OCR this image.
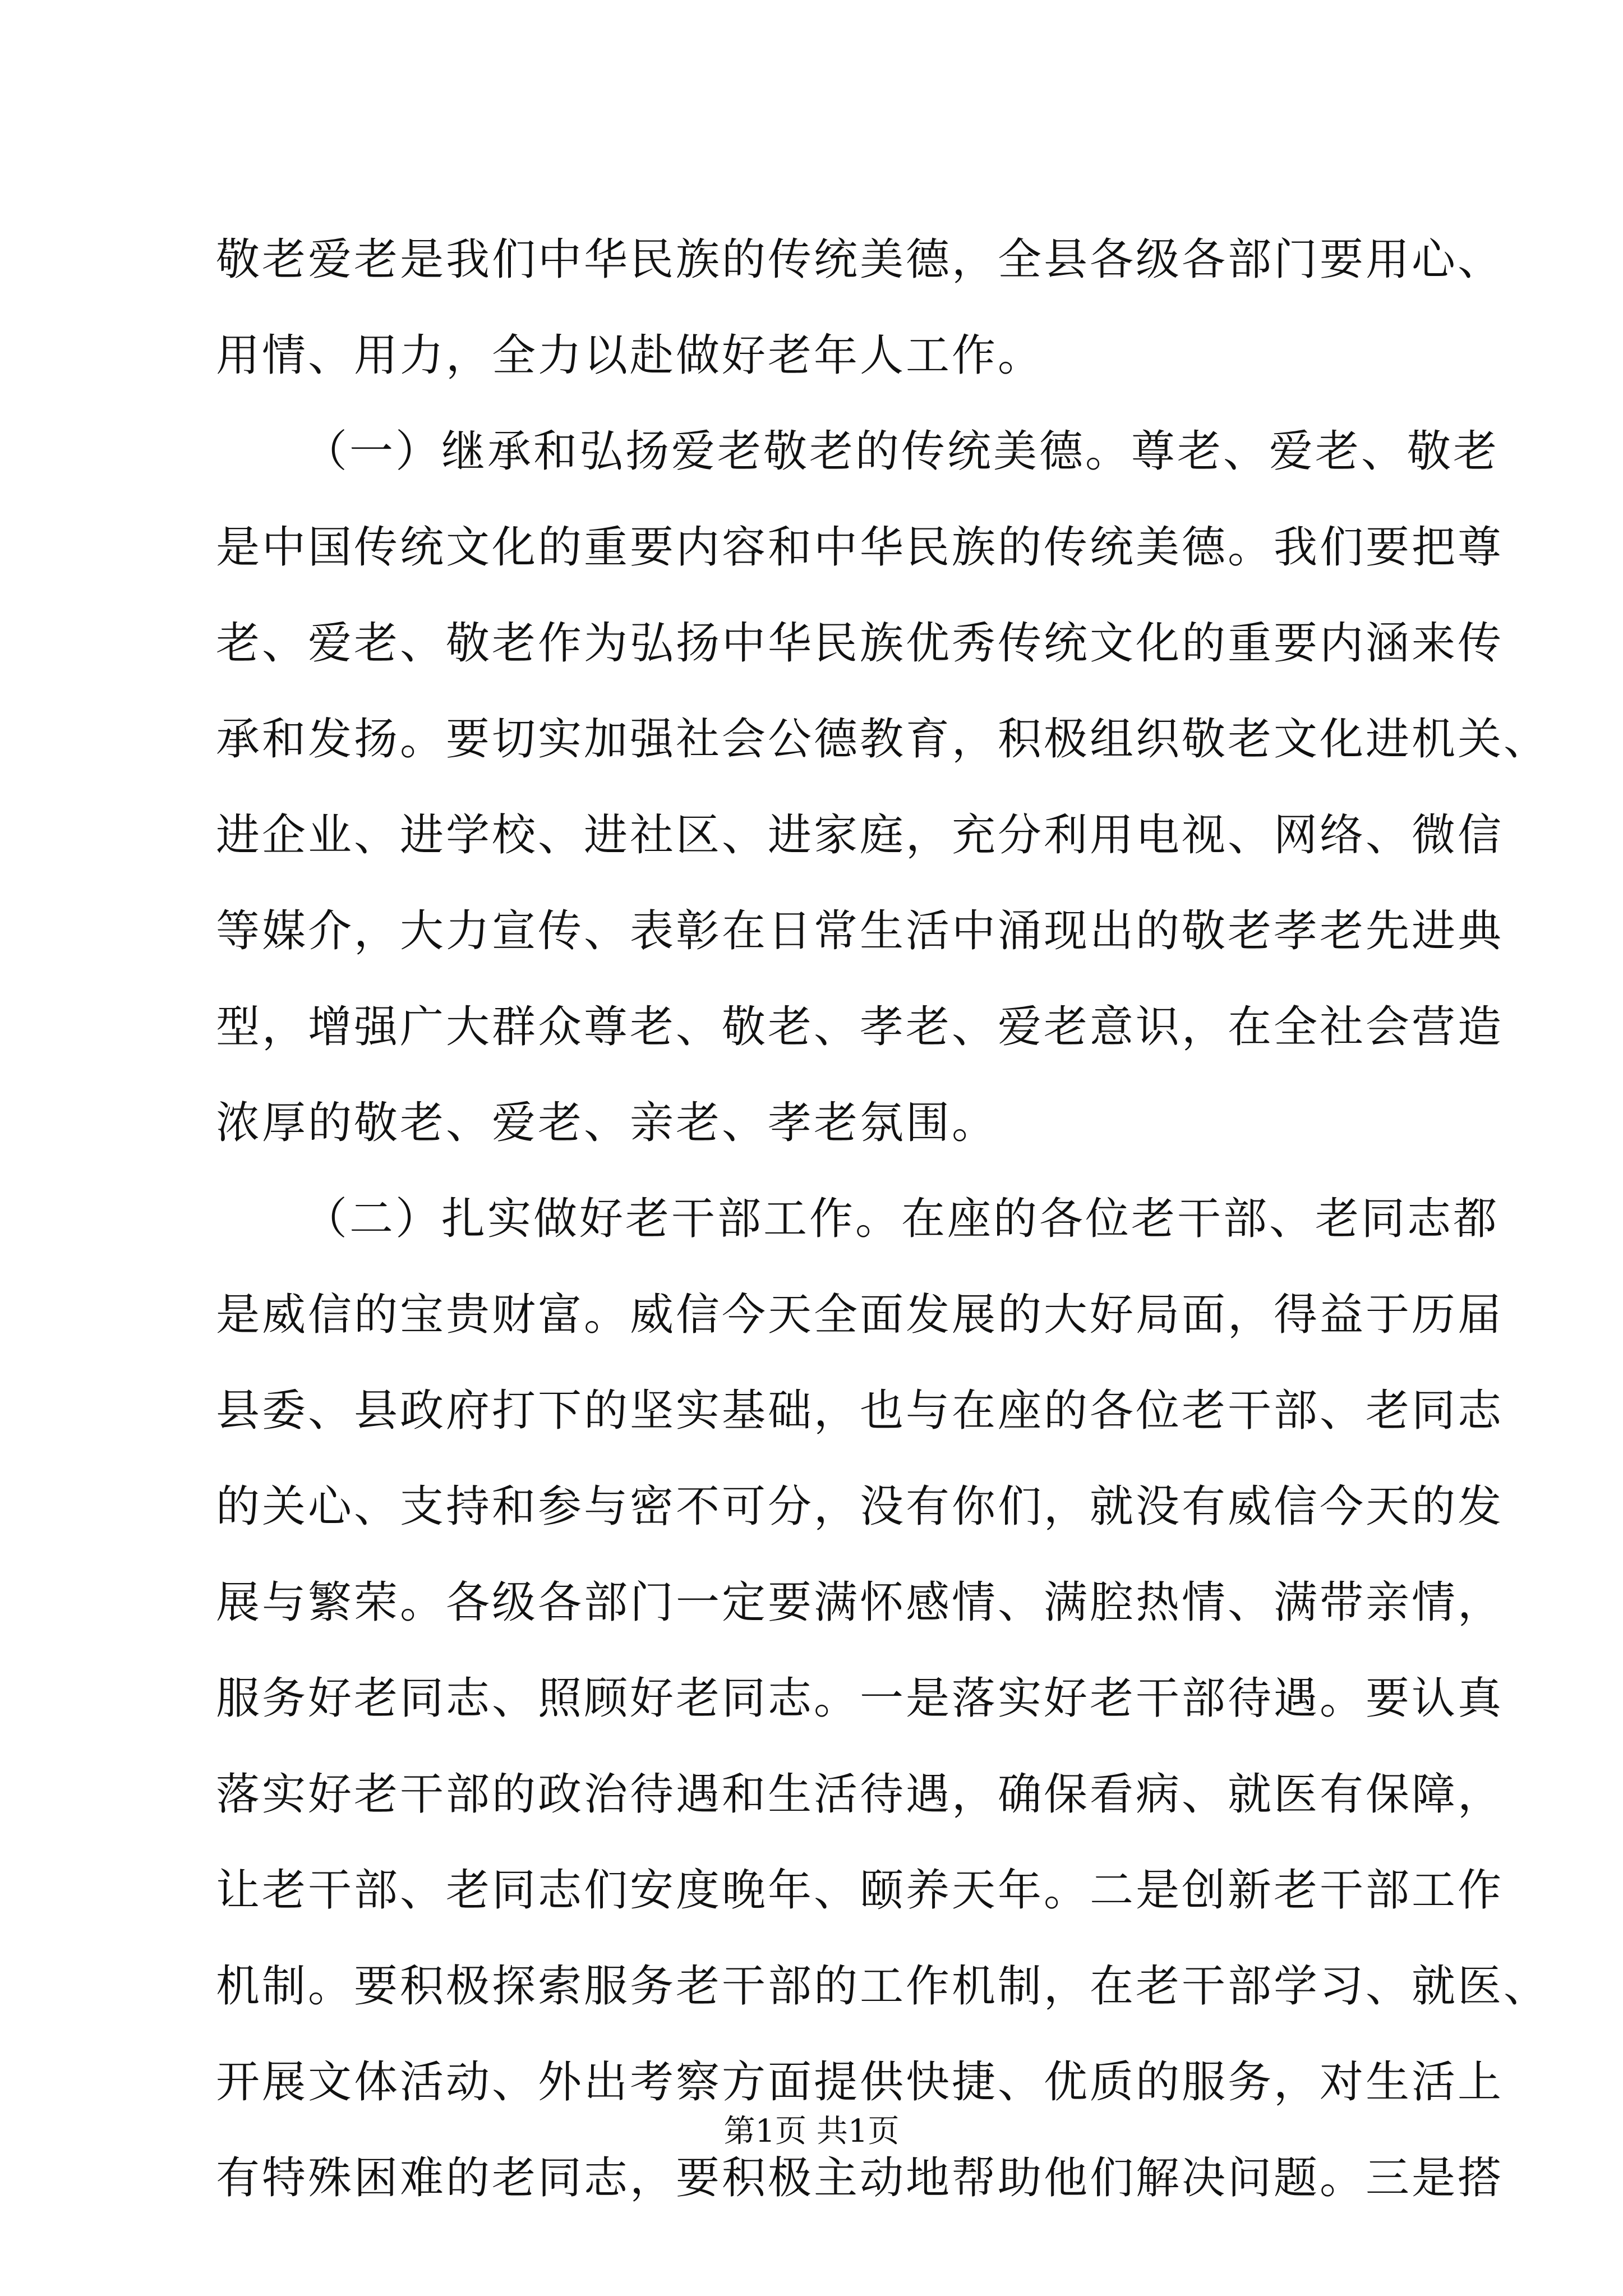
敬老爱老是我们中华民族的传统美德，全县各级各部门要用心、
用情、用力，全力以赴做好老年人工作。
（一）继承和弘扬爱老敬老的传统美德。尊老、爱老、敬老
是中国传统文化的重要内容和中华民族的传统美德。我们要把尊
老、爱老、敬老作为弘扬中华民族优秀传统文化的重要内涵来传
承和发扬。要切实加强社会公德教育，积极组织敬老文化进机关、
进企业、进学校、进社区、进家庭，充分利用电视、网络、微信
等媒介，大力宣传、表彰在日常生活中涌现出的敬老孝老先进典
型，增强广大群众尊老、敬老、孝老、爱老意识，在全社会营造
浓厚的敬老、爱老、亲老、孝老氛围。
（二）扎实做好老干部工作。在座的各位老干部、老同志都
是威信的宝贵财富。威信今天全面发展的大好局面，得益于历届
县委、县政府打下的坚实基础，也与在座的各位老干部、老同志
的关心、支持和参与密不可分，没有你们，就没有威信今天的发
展与繁荣。各级各部门一定要满怀感情、满腔热情、满带亲情，
服务好老同志、照顾好老同志。一是落实好老干部待遇。要认真
落实好老干部的政治待遇和生活待遇，确保看病、就医有保障，
让老干部、老同志们安度晚年、颐养天年。二是创新老干部工作
机制。要积极探索服务老干部的工作机制，在老干部学习、就医、
开展文体活动、外出考察方面提供快捷、优质的服务，对生活上
有特殊困难的老同志，要积极主动地帮助他们解决问题。三是搭
第1页 共1页
